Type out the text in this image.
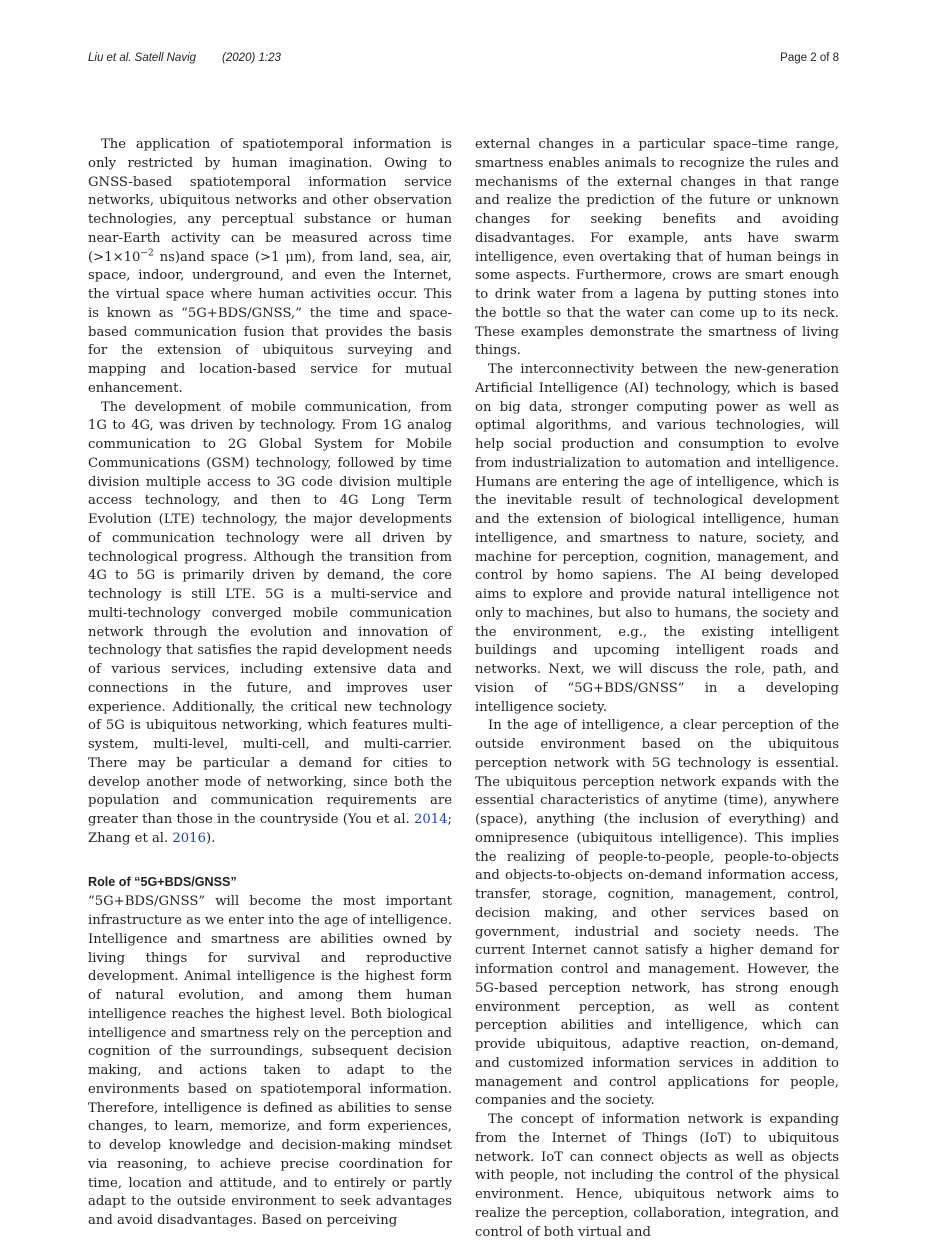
Liu et al. Satell Navig (2020) 1:23	Page 2 of 8

The application of spatiotemporal information is only restricted by human imagination. Owing to GNSS-based spatiotemporal information service networks, ubiquitous networks and other observation technologies, any perceptual substance or human near-Earth activity can be measured across time ($>1\times 10^{-2}$ ns)and space (>1 μm), from land, sea, air, space, indoor, underground, and even the Internet, the virtual space where human activities occur. This is known as “5G+BDS/GNSS,” the time and space-based communication fusion that provides the basis for the extension of ubiquitous surveying and mapping and location-based service for mutual enhancement.

The development of mobile communication, from 1G to 4G, was driven by technology. From 1G analog communication to 2G Global System for Mobile Communications (GSM) technology, followed by time division multiple access to 3G code division multiple access technology, and then to 4G Long Term Evolution (LTE) technology, the major developments of communication technology were all driven by technological progress. Although the transition from 4G to 5G is primarily driven by demand, the core technology is still LTE. 5G is a multi-service and multi-technology converged mobile communication network through the evolution and innovation of technology that satisfies the rapid development needs of various services, including extensive data and connections in the future, and improves user experience. Additionally, the critical new technology of 5G is ubiquitous networking, which features multi-system, multi-level, multi-cell, and multi-carrier. There may be particular a demand for cities to develop another mode of networking, since both the population and communication requirements are greater than those in the countryside (You et al. 2014; Zhang et al. 2016).

Role of “5G+BDS/GNSS”

“5G+BDS/GNSS” will become the most important infrastructure as we enter into the age of intelligence. Intelligence and smartness are abilities owned by living things for survival and reproductive development. Animal intelligence is the highest form of natural evolution, and among them human intelligence reaches the highest level. Both biological intelligence and smartness rely on the perception and cognition of the surroundings, subsequent decision making, and actions taken to adapt to the environments based on spatiotemporal information. Therefore, intelligence is defined as abilities to sense changes, to learn, memorize, and form experiences, to develop knowledge and decision-making mindset via reasoning, to achieve precise coordination for time, location and attitude, and to entirely or partly adapt to the outside environment to seek advantages and avoid disadvantages. Based on perceiving

external changes in a particular space–time range, smartness enables animals to recognize the rules and mechanisms of the external changes in that range and realize the prediction of the future or unknown changes for seeking benefits and avoiding disadvantages. For example, ants have swarm intelligence, even overtaking that of human beings in some aspects. Furthermore, crows are smart enough to drink water from a lagena by putting stones into the bottle so that the water can come up to its neck. These examples demonstrate the smartness of living things.

The interconnectivity between the new-generation Artificial Intelligence (AI) technology, which is based on big data, stronger computing power as well as optimal algorithms, and various technologies, will help social production and consumption to evolve from industrialization to automation and intelligence. Humans are entering the age of intelligence, which is the inevitable result of technological development and the extension of biological intelligence, human intelligence, and smartness to nature, society, and machine for perception, cognition, management, and control by homo sapiens. The AI being developed aims to explore and provide natural intelligence not only to machines, but also to humans, the society and the environment, e.g., the existing intelligent buildings and upcoming intelligent roads and networks. Next, we will discuss the role, path, and vision of “5G+BDS/GNSS” in a developing intelligence society.

In the age of intelligence, a clear perception of the outside environment based on the ubiquitous perception network with 5G technology is essential. The ubiquitous perception network expands with the essential characteristics of anytime (time), anywhere (space), anything (the inclusion of everything) and omnipresence (ubiquitous intelligence). This implies the realizing of people-to-people, people-to-objects and objects-to-objects on-demand information access, transfer, storage, cognition, management, control, decision making, and other services based on government, industrial and society needs. The current Internet cannot satisfy a higher demand for information control and management. However, the 5G-based perception network, has strong enough environment perception, as well as content perception abilities and intelligence, which can provide ubiquitous, adaptive reaction, on-demand, and customized information services in addition to management and control applications for people, companies and the society.

The concept of information network is expanding from the Internet of Things (IoT) to ubiquitous network. IoT can connect objects as well as objects with people, not including the control of the physical environment. Hence, ubiquitous network aims to realize the perception, collaboration, integration, and control of both virtual and
